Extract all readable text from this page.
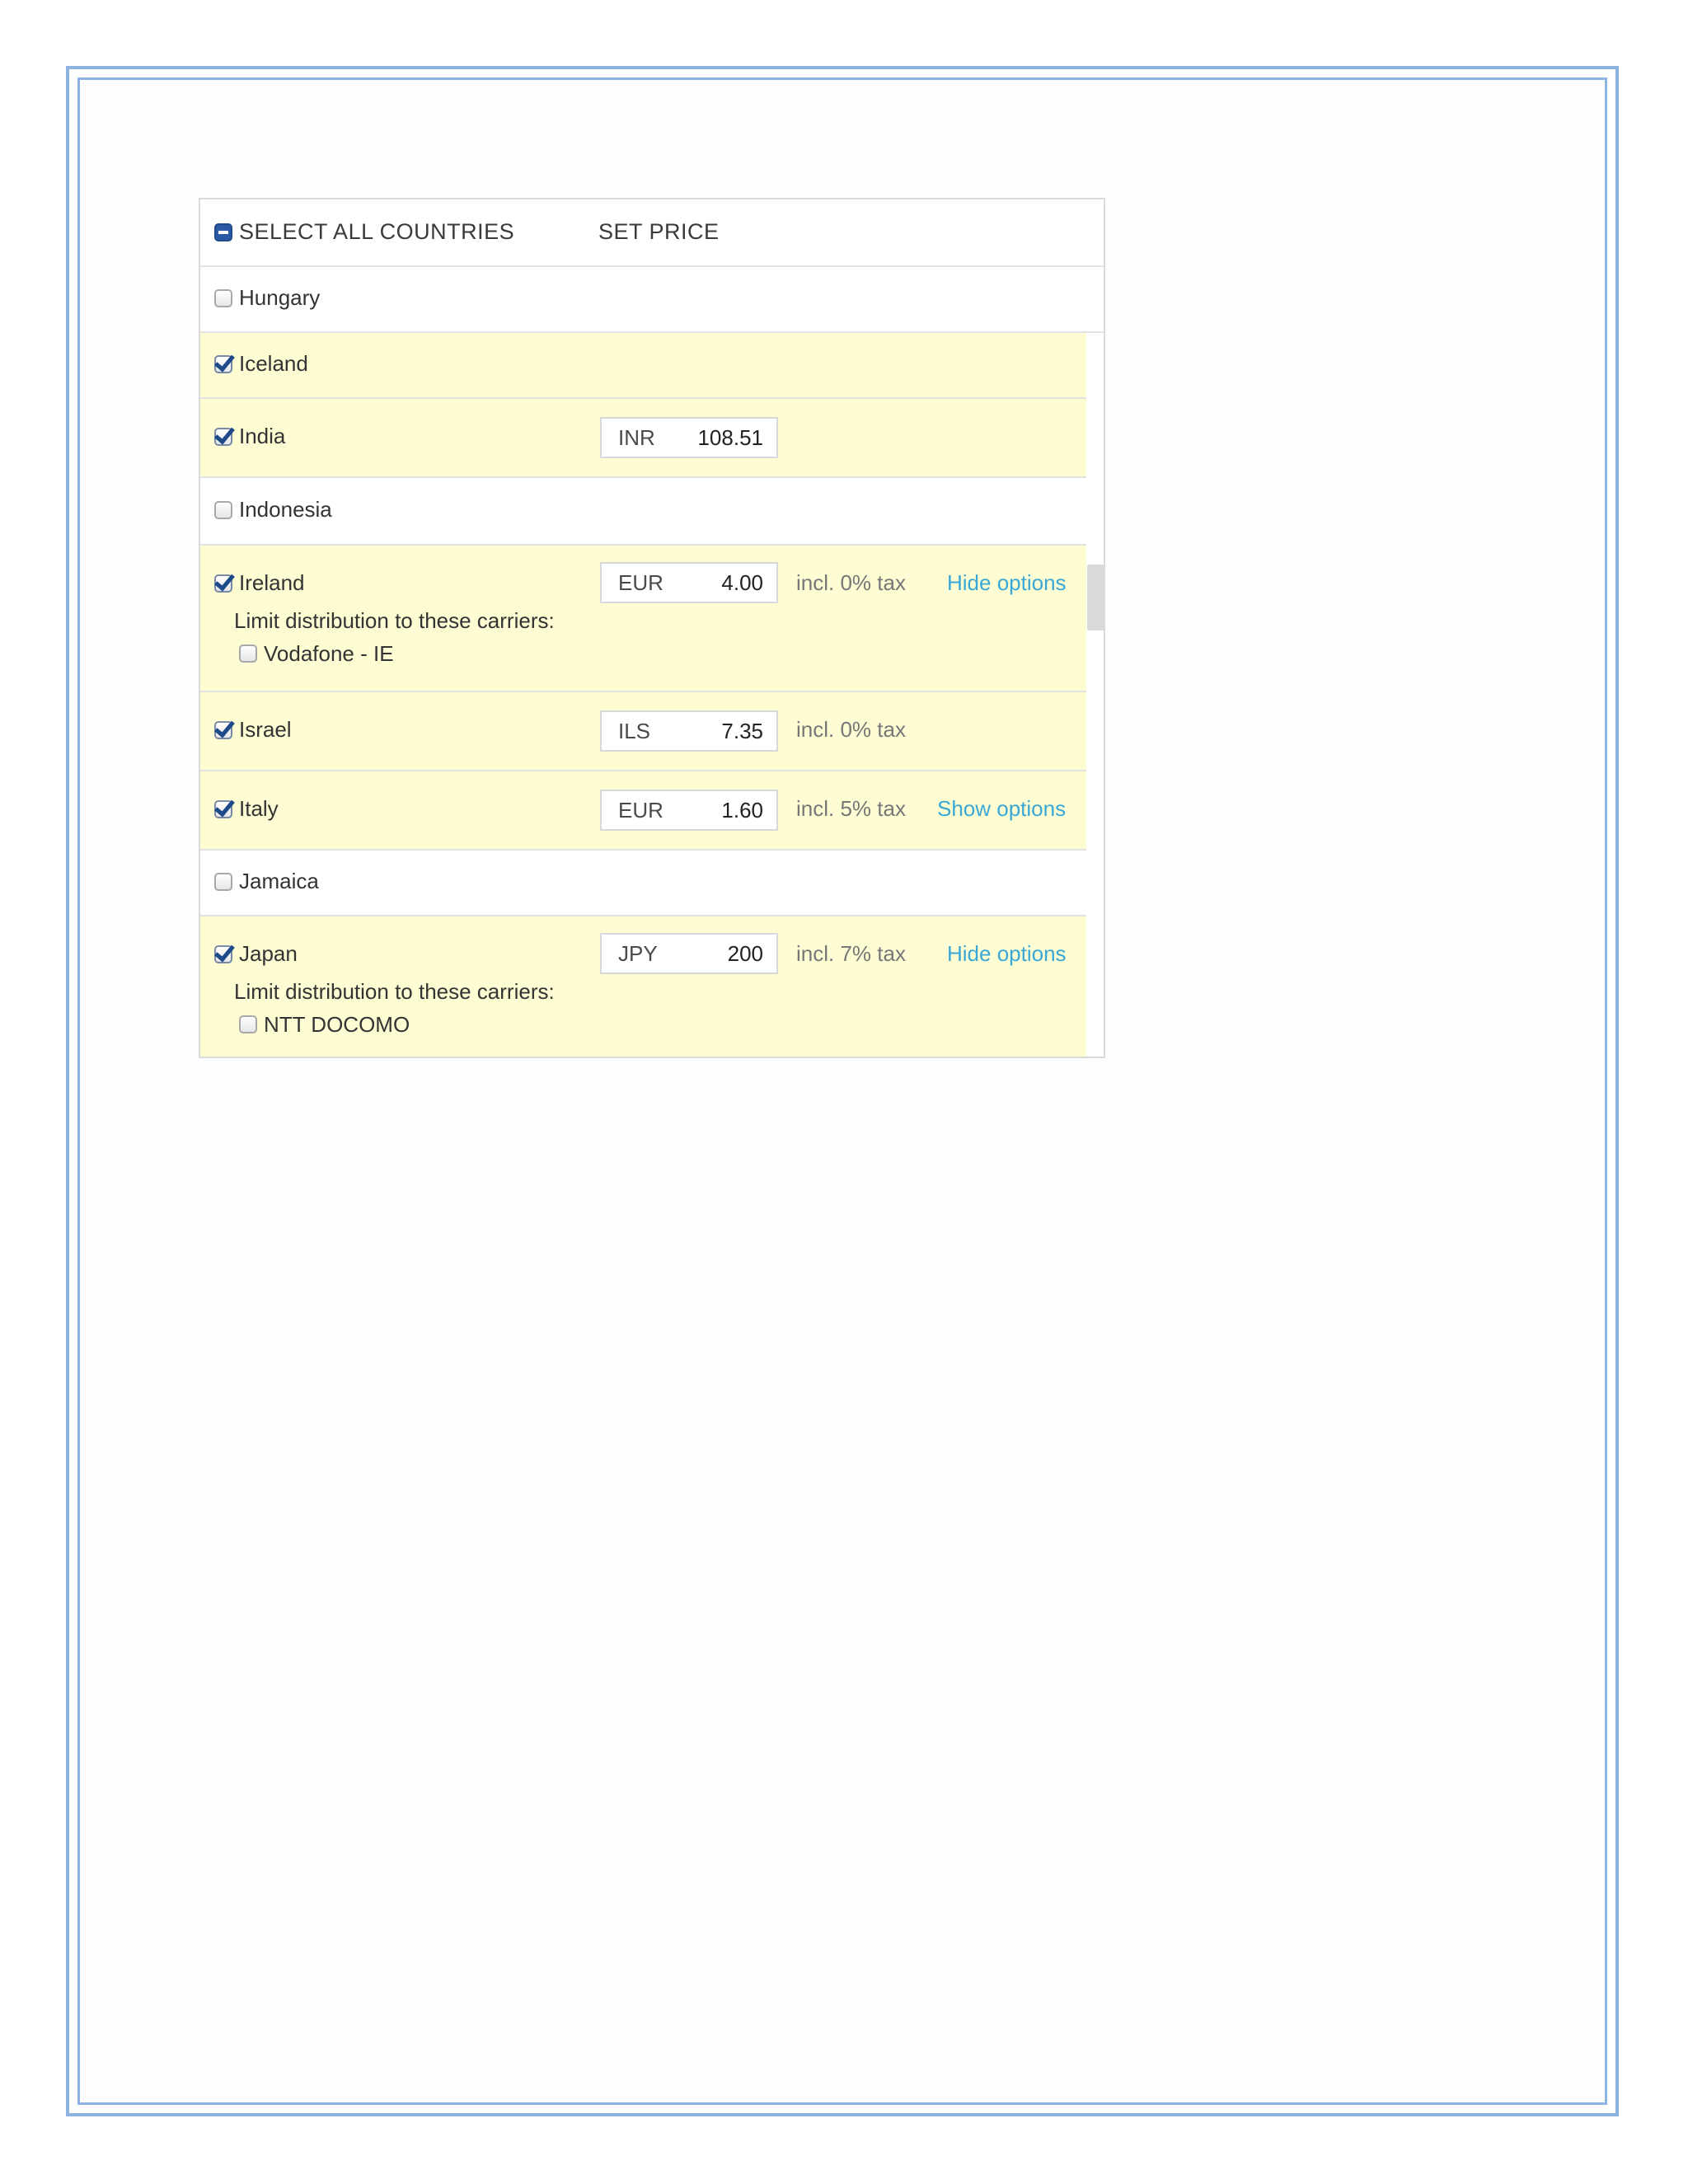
SELECT ALL COUNTRIES	SET PRICE
Hungary
Iceland
India	INR 108.51
Indonesia
Ireland	EUR	4.00 incl. 0% tax Hide options
Limit distribution to these carriers:
Vodafone - IE
Israel	ILS	7.35 incl. 0% tax
Italy	EUR	1.60 incl. 5% tax Show options
Jamaica
Japan	JPY	200 incl. 7% tax Hide options
Limit distribution to these carriers:
NTT DOCOMO
